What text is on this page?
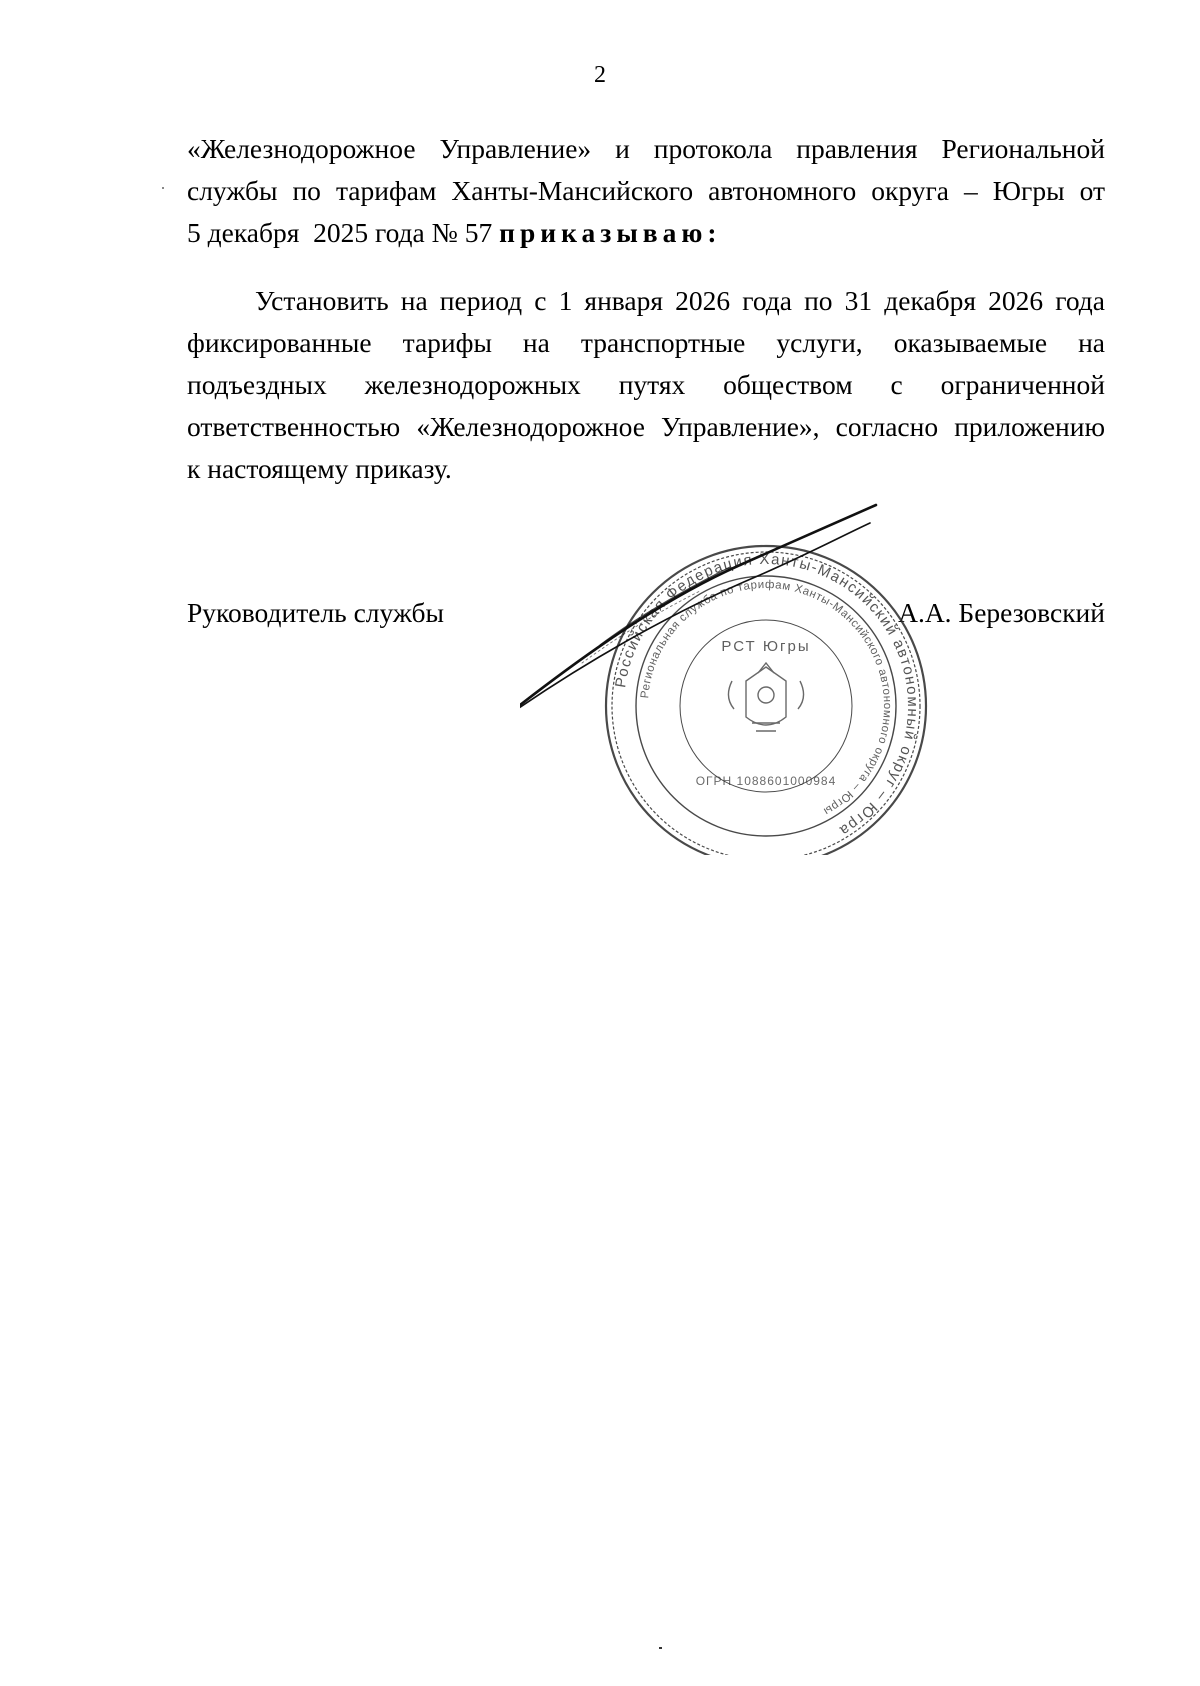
2
«Железнодорожное Управление» и протокола правления Региональной
службы по тарифам Ханты-Мансийского автономного округа – Югры от
5 декабря  2025 года № 57 приказываю:
Установить на период с 1 января 2026 года по 31 декабря 2026 года
фиксированные тарифы на транспортные услуги, оказываемые на
подъездных железнодорожных путях обществом с ограниченной
ответственностью «Железнодорожное Управление», согласно приложению
к настоящему приказу.
Руководитель службы	А.А. Березовский
Российская Федерация Ханты-Мансийский автономный округ – Югра
Региональная служба по тарифам Ханты-Мансийского автономного округа – Югры
РСТ Югры
ОГРН 1088601000984
